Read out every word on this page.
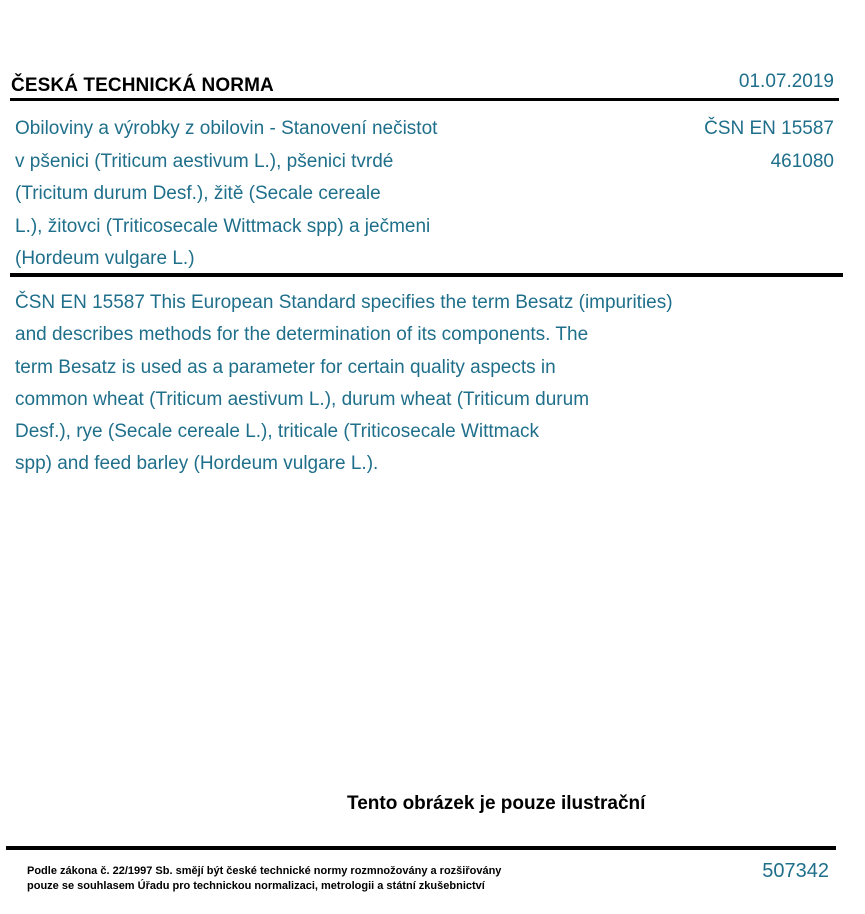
ČESKÁ TECHNICKÁ NORMA	01.07.2019
Obiloviny a výrobky z obilovin - Stanovení nečistot
v pšenici (Triticum aestivum L.), pšenici tvrdé
(Tricitum durum Desf.), žitě (Secale cereale
L.), žitovci (Triticosecale Wittmack spp) a ječmeni
(Hordeum vulgare L.)
ČSN EN 15587
461080
ČSN EN 15587 This European Standard specifies the term Besatz (impurities)
and describes methods for the determination of its components. The
term Besatz is used as a parameter for certain quality aspects in
common wheat (Triticum aestivum L.), durum wheat (Triticum durum
Desf.), rye (Secale cereale L.), triticale (Triticosecale Wittmack
spp) and feed barley (Hordeum vulgare L.).
Tento obrázek je pouze ilustrační
Podle zákona č. 22/1997 Sb. smějí být české technické normy rozmnožovány a rozšiřovány
pouze se souhlasem Úřadu pro technickou normalizaci, metrologii a státní zkušebnictví
507342
